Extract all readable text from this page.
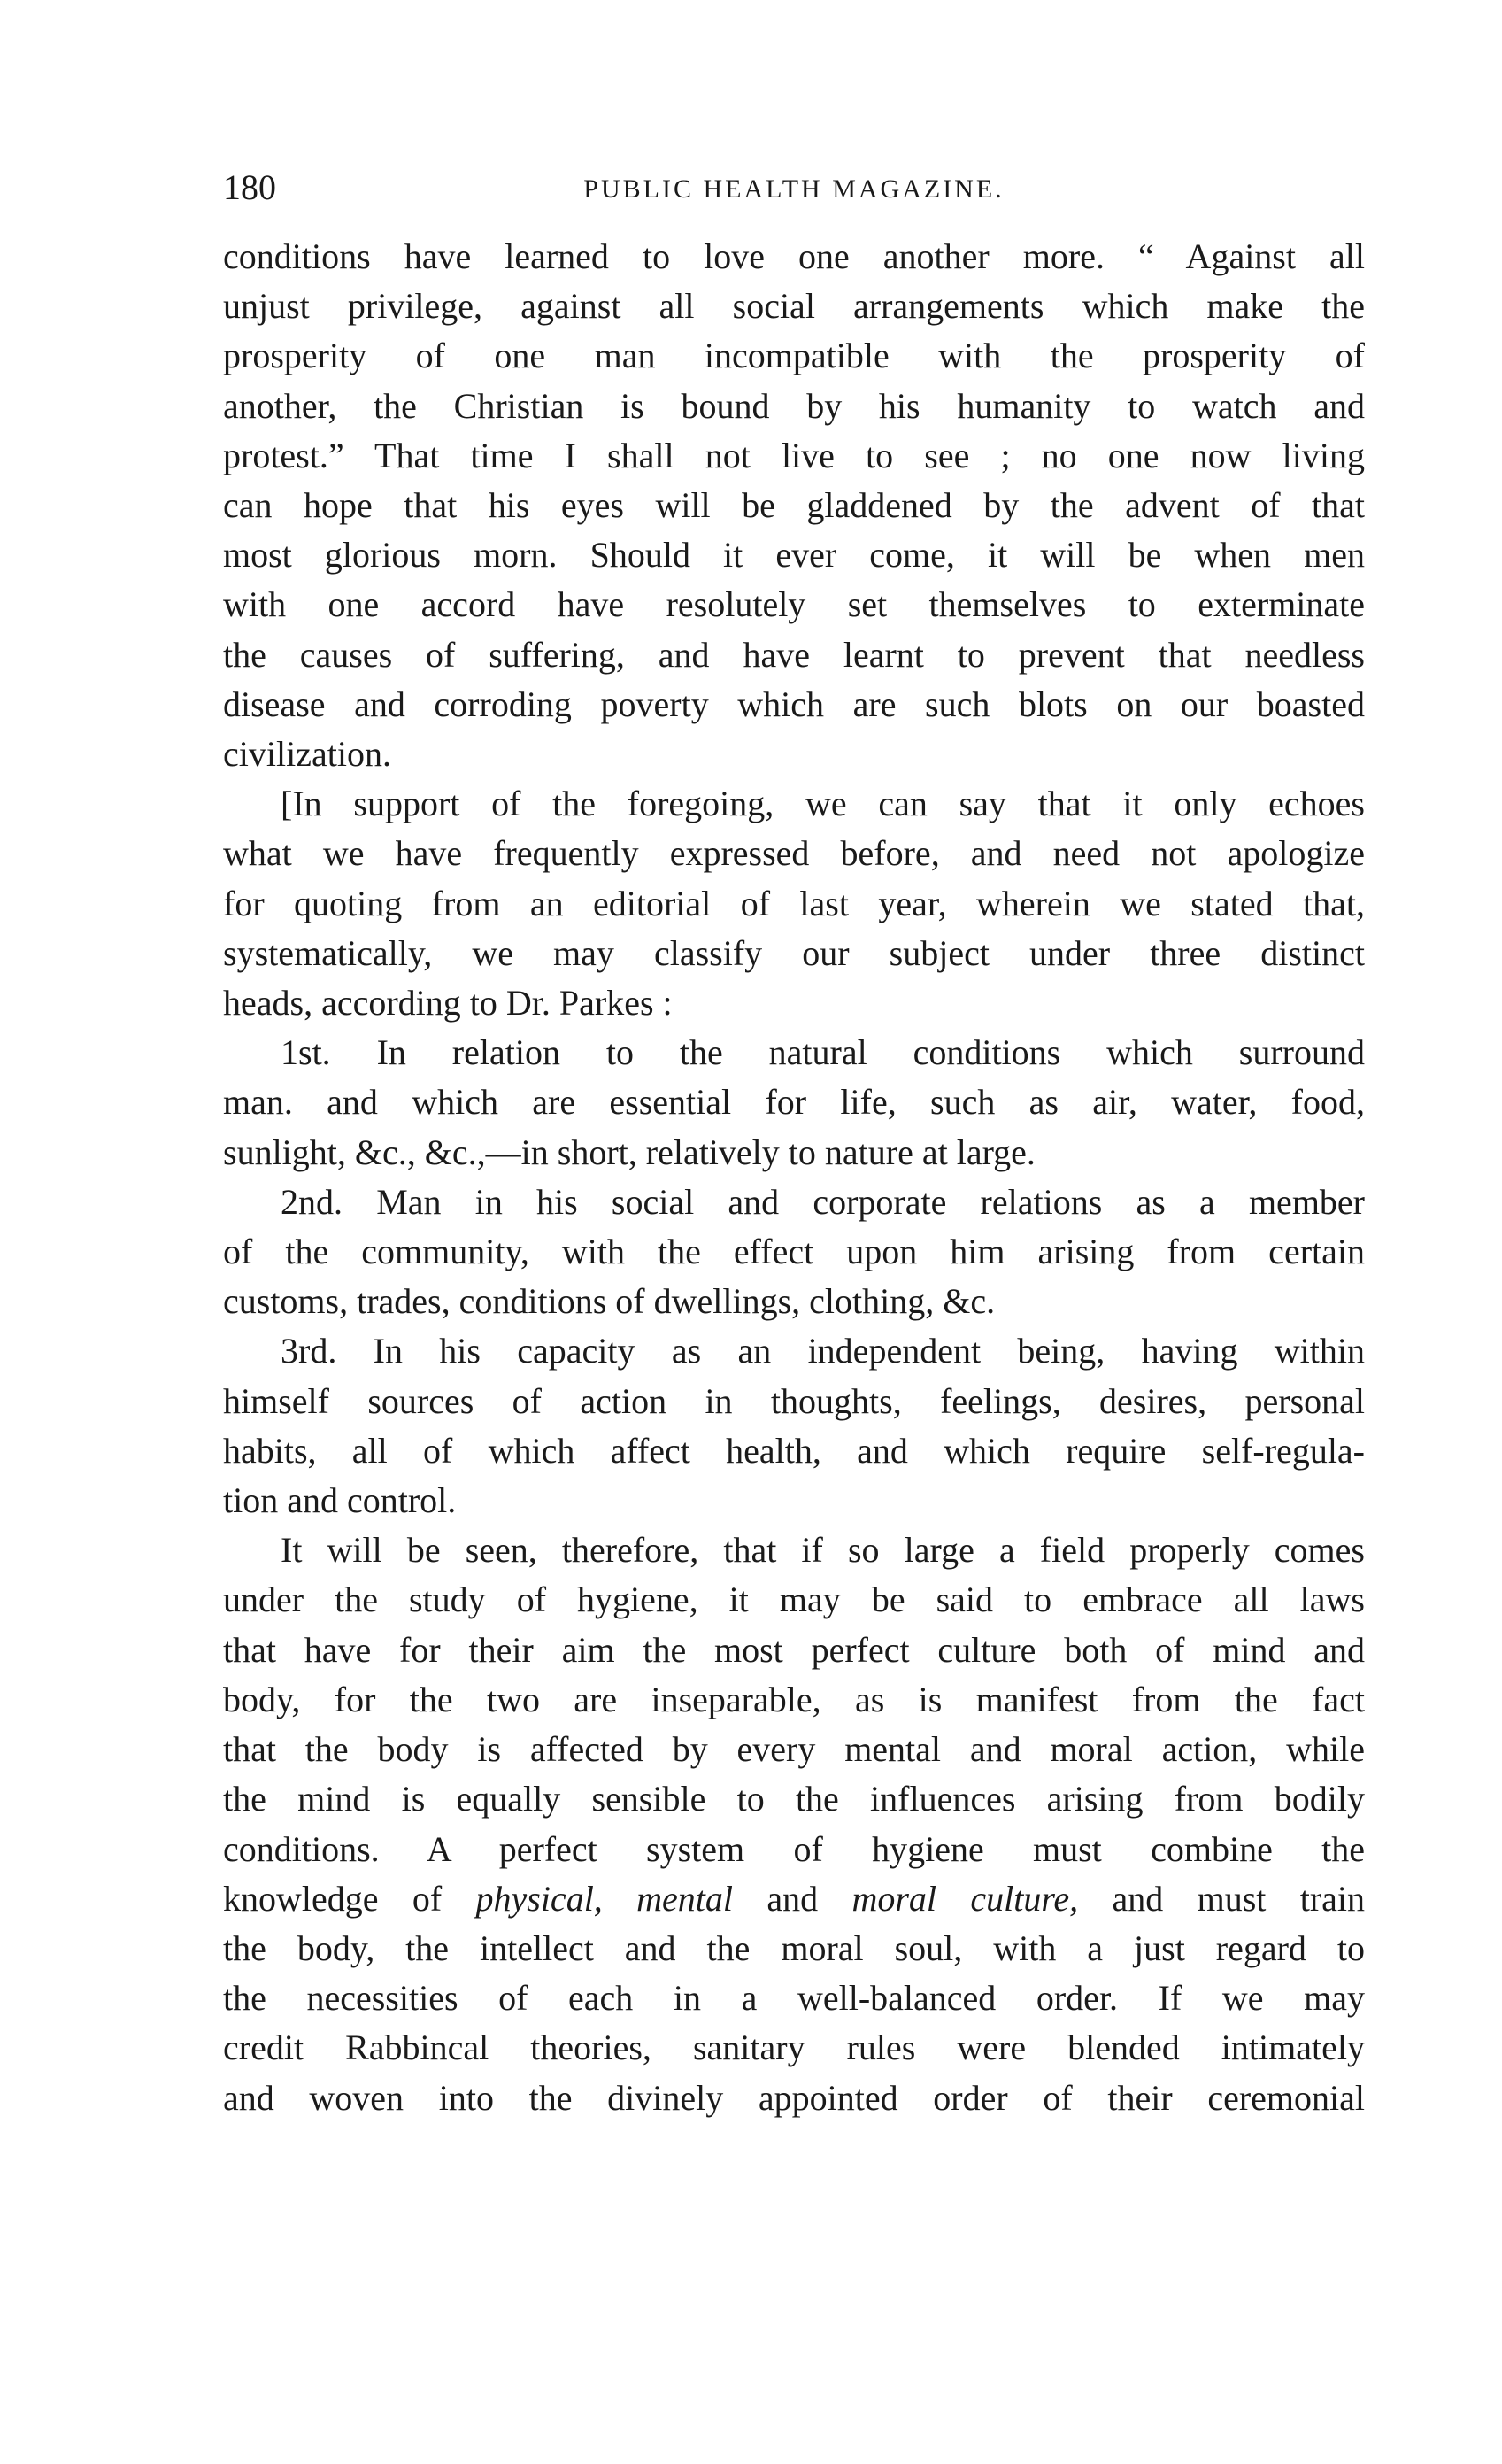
180	PUBLIC HEALTH MAGAZINE.

conditions have learned to love one another more. “ Against all
unjust privilege, against all social arrangements which make the
prosperity of one man incompatible with the prosperity of
another, the Christian is bound by his humanity to watch and
protest.” That time I shall not live to see ; no one now living
can hope that his eyes will be gladdened by the advent of that
most glorious morn. Should it ever come, it will be when men
with one accord have resolutely set themselves to exterminate
the causes of suffering, and have learnt to prevent that needless
disease and corroding poverty which are such blots on our boasted
civilization.

[In support of the foregoing, we can say that it only echoes
what we have frequently expressed before, and need not apologize
for quoting from an editorial of last year, wherein we stated that,
systematically, we may classify our subject under three distinct
heads, according to Dr. Parkes :

1st. In relation to the natural conditions which surround
man. and which are essential for life, such as air, water, food,
sunlight, &c., &c.,—in short, relatively to nature at large.

2nd. Man in his social and corporate relations as a member
of the community, with the effect upon him arising from certain
customs, trades, conditions of dwellings, clothing, &c.

3rd. In his capacity as an independent being, having within
himself sources of action in thoughts, feelings, desires, personal
habits, all of which affect health, and which require self-regula-
tion and control.

It will be seen, therefore, that if so large a field properly comes
under the study of hygiene, it may be said to embrace all laws
that have for their aim the most perfect culture both of mind and
body, for the two are inseparable, as is manifest from the fact
that the body is affected by every mental and moral action, while
the mind is equally sensible to the influences arising from bodily
conditions. A perfect system of hygiene must combine the
knowledge of physical, mental and moral culture, and must train
the body, the intellect and the moral soul, with a just regard to
the necessities of each in a well-balanced order. If we may
credit Rabbincal theories, sanitary rules were blended intimately
and woven into the divinely appointed order of their ceremonial
